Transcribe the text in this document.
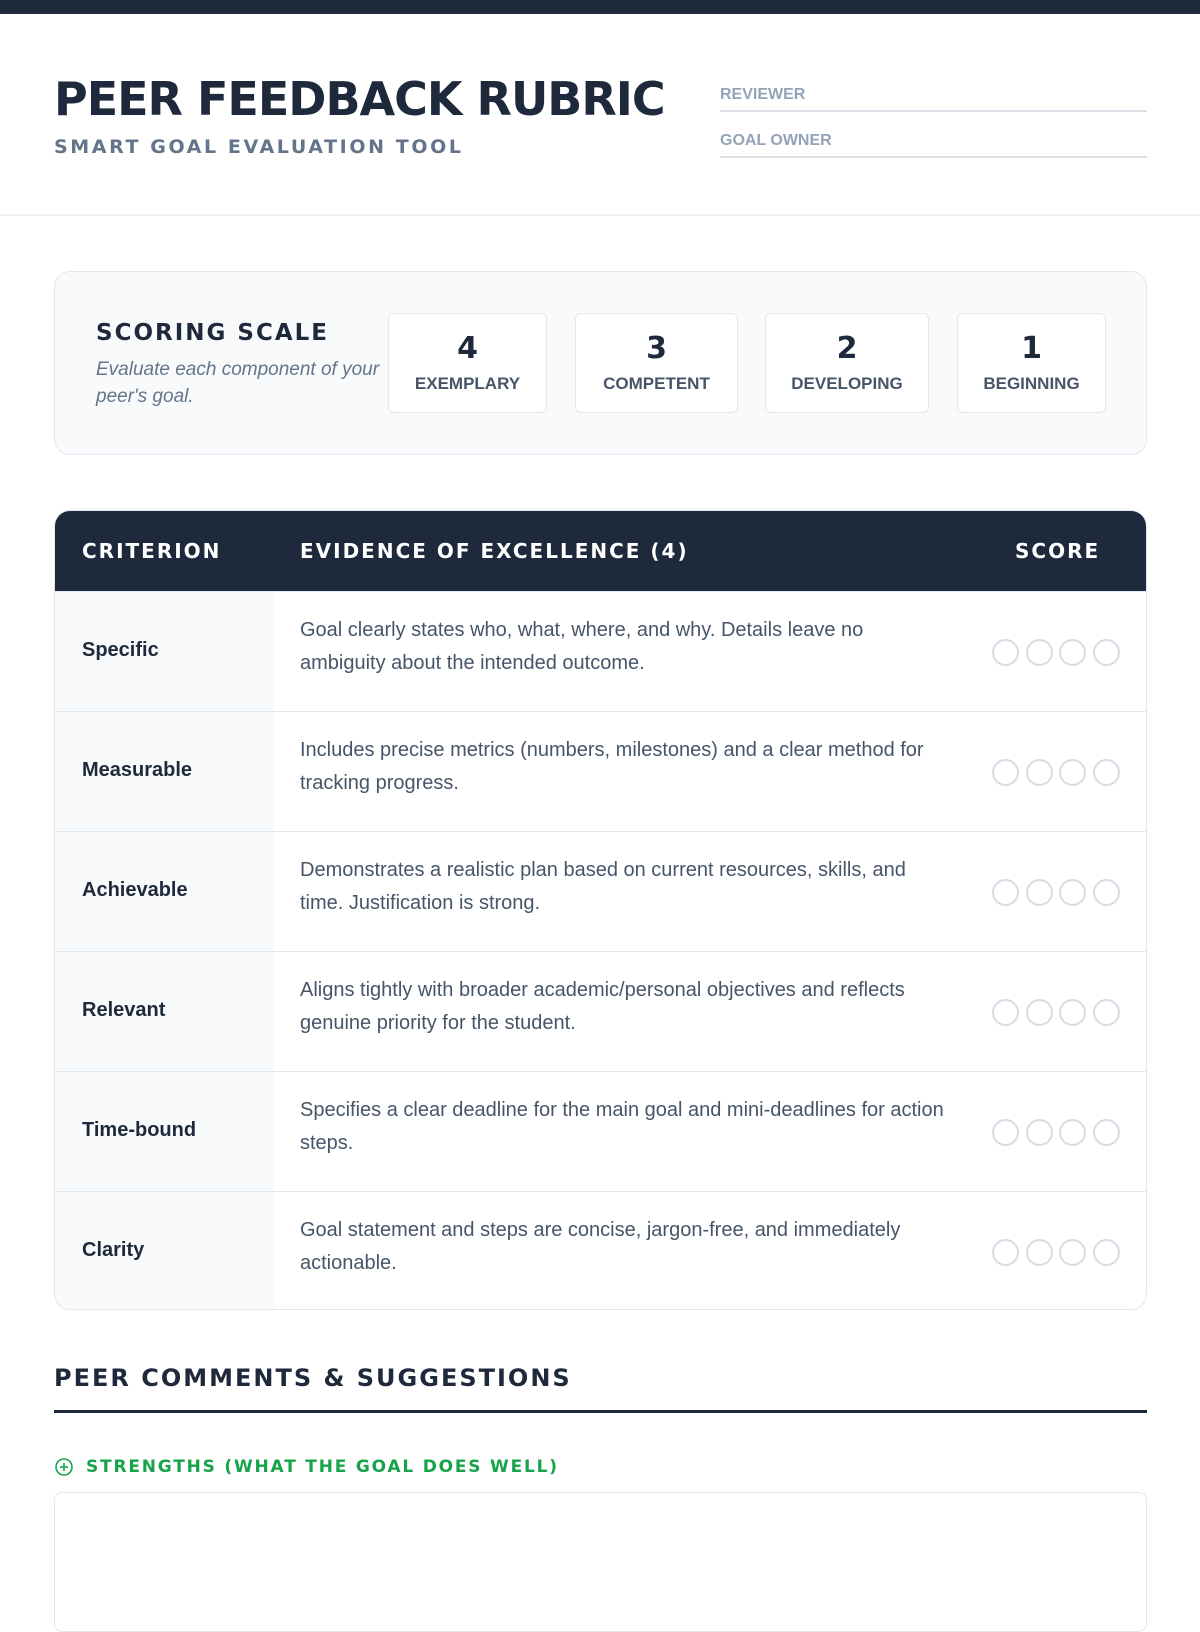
PEER FEEDBACK RUBRIC
SMART GOAL EVALUATION TOOL
REVIEWER
GOAL OWNER
SCORING SCALE
Evaluate each component of your peer's goal.
4
EXEMPLARY
3
COMPETENT
2
DEVELOPING
1
BEGINNING
CRITERION	EVIDENCE OF EXCELLENCE (4)	SCORE
Specific
Goal clearly states who, what, where, and why. Details leave no ambiguity about the intended outcome.
Measurable
Includes precise metrics (numbers, milestones) and a clear method for tracking progress.
Achievable
Demonstrates a realistic plan based on current resources, skills, and time. Justification is strong.
Relevant
Aligns tightly with broader academic/personal objectives and reflects genuine priority for the student.
Time-bound
Specifies a clear deadline for the main goal and mini-deadlines for action steps.
Clarity
Goal statement and steps are concise, jargon-free, and immediately actionable.
PEER COMMENTS & SUGGESTIONS
STRENGTHS (WHAT THE GOAL DOES WELL)
